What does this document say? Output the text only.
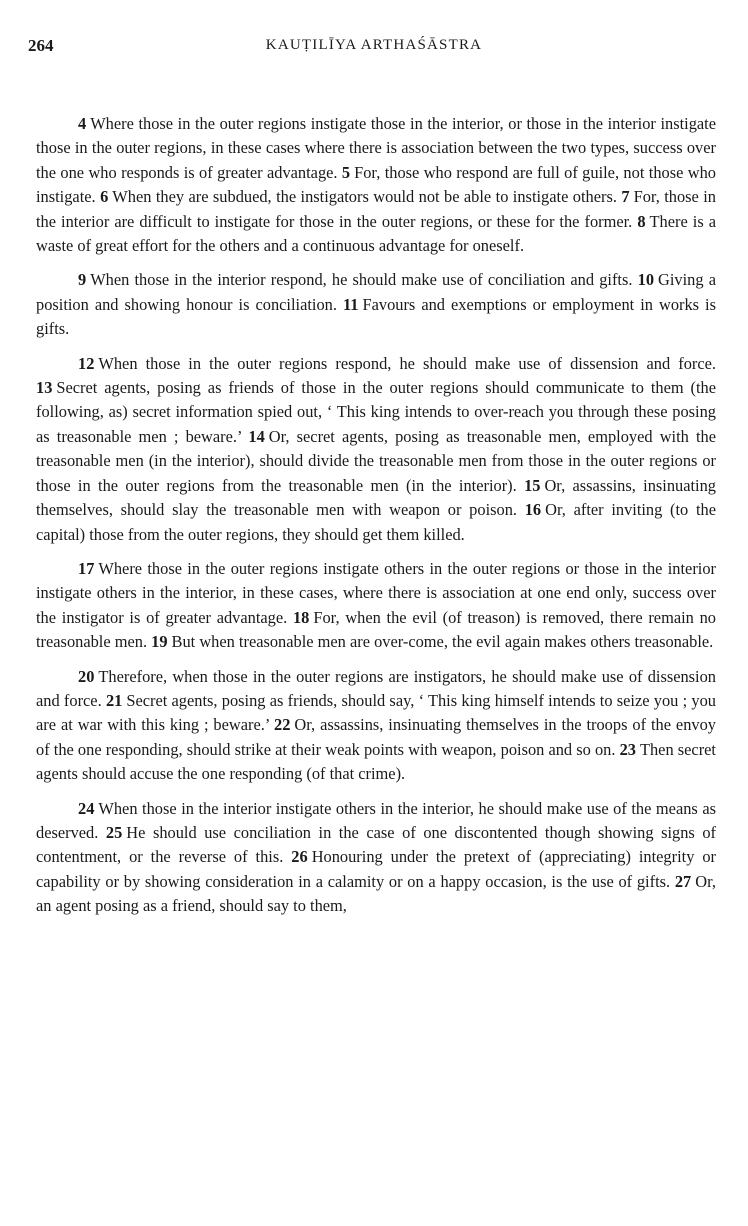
264	KAUṬILĪYA ARTHAŚĀSTRA

4 Where those in the outer regions instigate those in the interior, or those in the interior instigate those in the outer regions, in these cases where there is association between the two types, success over the one who responds is of greater advantage. 5 For, those who respond are full of guile, not those who instigate. 6 When they are subdued, the instigators would not be able to instigate others. 7 For, those in the interior are difficult to instigate for those in the outer regions, or these for the former. 8 There is a waste of great effort for the others and a continuous advantage for oneself.

9 When those in the interior respond, he should make use of conciliation and gifts. 10 Giving a position and showing honour is conciliation. 11 Favours and exemptions or employment in works is gifts.

12 When those in the outer regions respond, he should make use of dissension and force. 13 Secret agents, posing as friends of those in the outer regions should communicate to them (the following, as) secret information spied out, ‘ This king intends to over-reach you through these posing as treasonable men ; beware.’ 14 Or, secret agents, posing as treasonable men, employed with the treasonable men (in the interior), should divide the treasonable men from those in the outer regions or those in the outer regions from the treasonable men (in the interior). 15 Or, assassins, insinuating themselves, should slay the treasonable men with weapon or poison. 16 Or, after inviting (to the capital) those from the outer regions, they should get them killed.

17 Where those in the outer regions instigate others in the outer regions or those in the interior instigate others in the interior, in these cases, where there is association at one end only, success over the instigator is of greater advantage. 18 For, when the evil (of treason) is removed, there remain no treasonable men. 19 But when treasonable men are over-come, the evil again makes others treasonable.

20 Therefore, when those in the outer regions are instigators, he should make use of dissension and force. 21 Secret agents, posing as friends, should say, ‘ This king himself intends to seize you ; you are at war with this king ; beware.’ 22 Or, assassins, insinuating themselves in the troops of the envoy of the one responding, should strike at their weak points with weapon, poison and so on. 23 Then secret agents should accuse the one responding (of that crime).

24 When those in the interior instigate others in the interior, he should make use of the means as deserved. 25 He should use conciliation in the case of one discontented though showing signs of contentment, or the reverse of this. 26 Honouring under the pretext of (appreciating) integrity or capability or by showing consideration in a calamity or on a happy occasion, is the use of gifts. 27 Or, an agent posing as a friend, should say to them,
